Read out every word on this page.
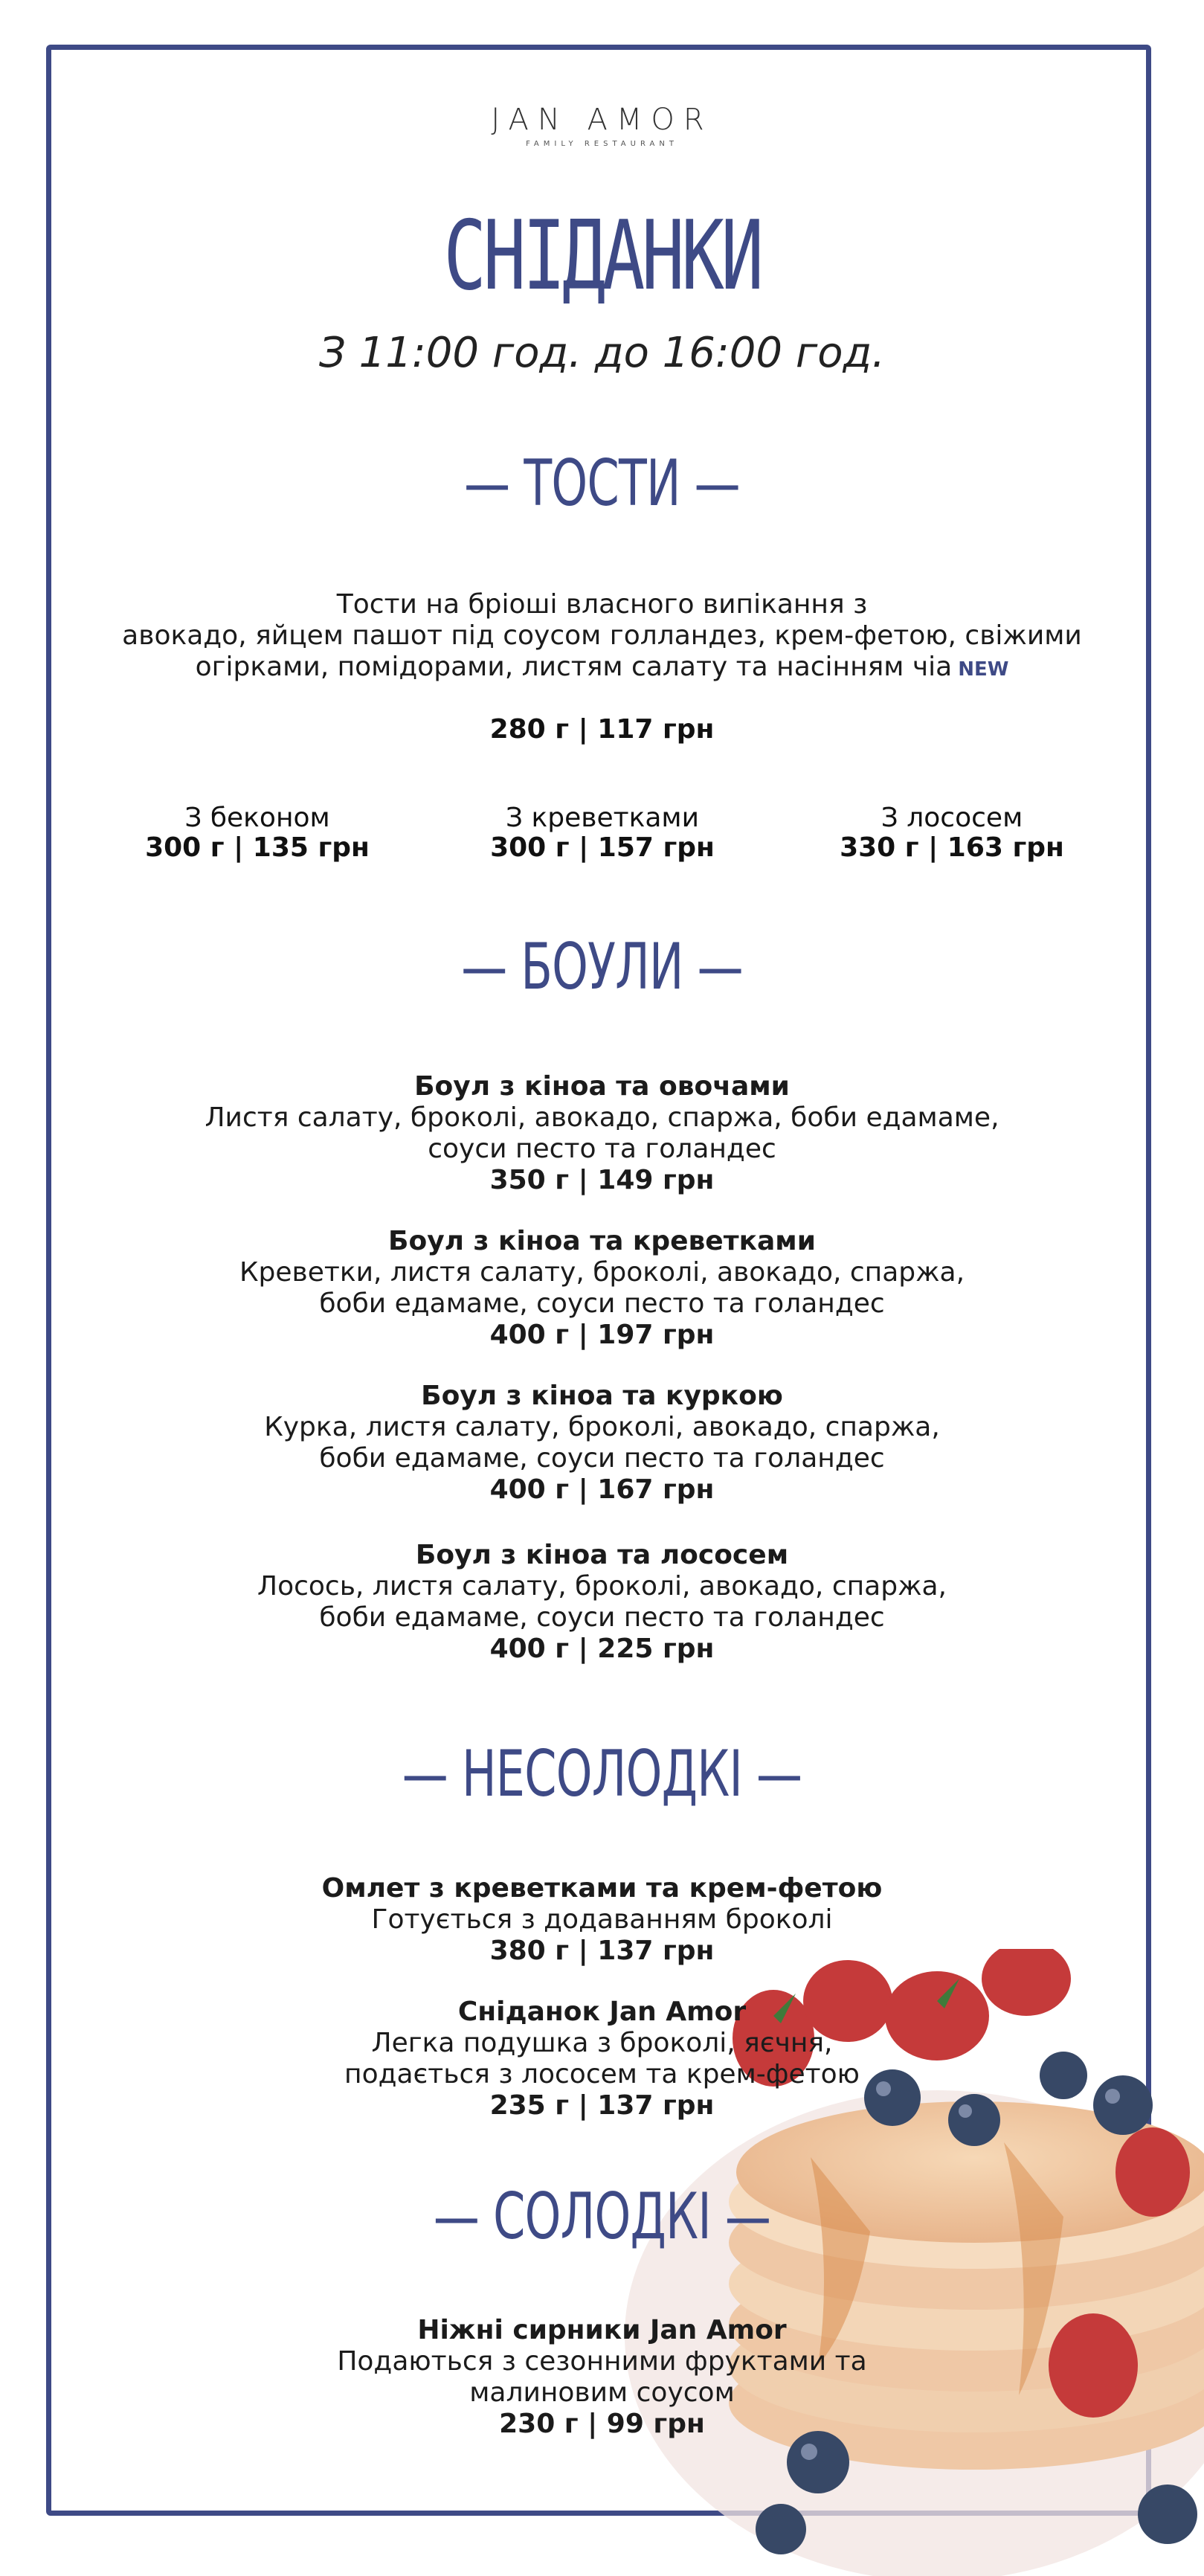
JAN AMOR
FAMILY RESTAURANT
СНІДАНКИ
З 11:00 год. до 16:00 год.
— ТОСТИ —
Тости на бріоші власного випікання з
авокадо, яйцем пашот під соусом голландез, крем-фетою, свіжими
огірками, помідорами, листям салату та насінням чіа NEW
280 г | 117 грн
З беконом
300 г | 135 грн
З креветками
300 г | 157 грн
З лососем
330 г | 163 грн
— БОУЛИ —
Боул з кіноа та овочами
Листя салату, броколі, авокадо, спаржа, боби едамаме,
соуси песто та голандес
350 г | 149 грн
Боул з кіноа та креветками
Креветки, листя салату, броколі, авокадо, спаржа,
боби едамаме, соуси песто та голандес
400 г | 197 грн
Боул з кіноа та куркою
Курка, листя салату, броколі, авокадо, спаржа,
боби едамаме, соуси песто та голандес
400 г | 167 грн
Боул з кіноа та лососем
Лосось, листя салату, броколі, авокадо, спаржа,
боби едамаме, соуси песто та голандес
400 г | 225 грн
— НЕСОЛОДКІ —
Омлет з креветками та крем-фетою
Готується з додаванням броколі
380 г | 137 грн
Сніданок Jan Amor
Легка подушка з броколі, яєчня,
подається з лососем та крем-фетою
235 г | 137 грн
— СОЛОДКІ —
Ніжні сирники Jan Amor
Подаються з сезонними фруктами та
малиновим соусом
230 г | 99 грн
